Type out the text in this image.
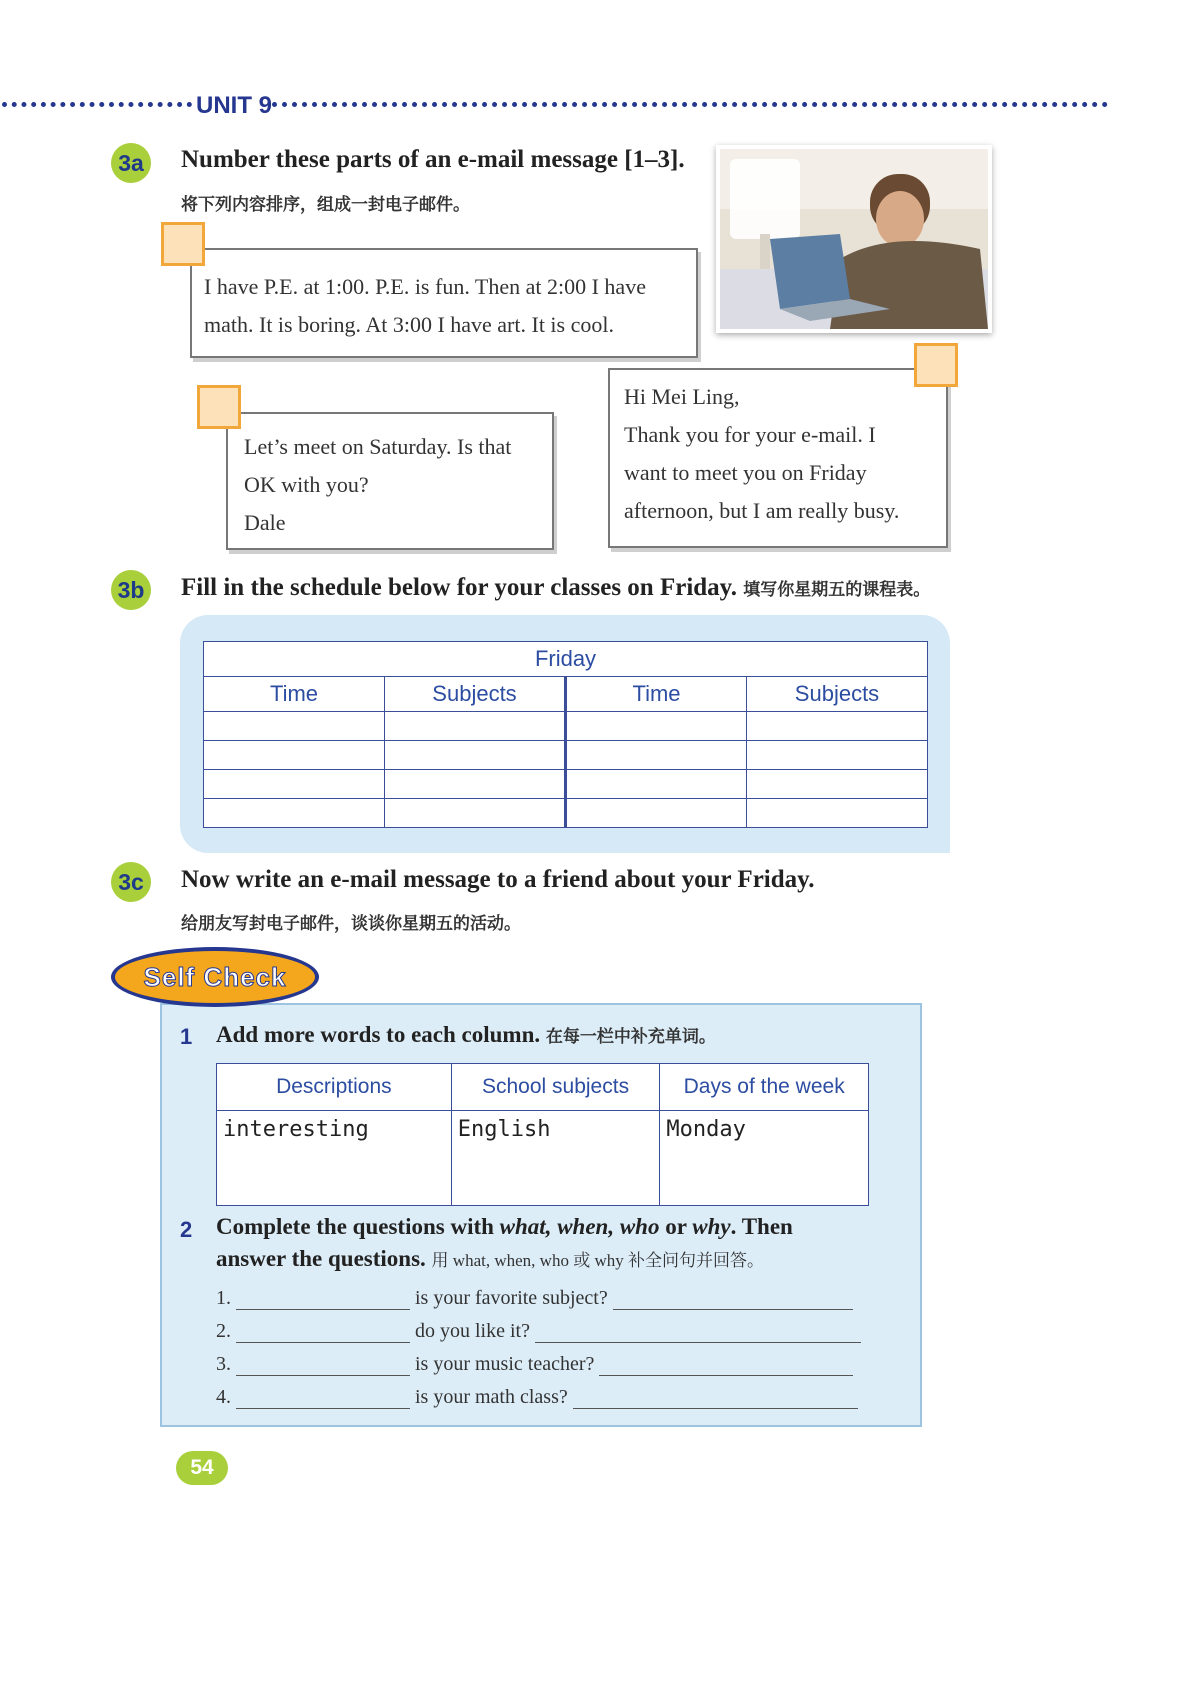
UNIT 9
3a Number these parts of an e-mail message [1–3].
将下列内容排序，组成一封电子邮件。
I have P.E. at 1:00. P.E. is fun. Then at 2:00 I have
math. It is boring. At 3:00 I have art. It is cool.
Let’s meet on Saturday. Is that
OK with you?
Dale
Hi Mei Ling,
Thank you for your e-mail. I
want to meet you on Friday
afternoon, but I am really busy.
3b Fill in the schedule below for your classes on Friday. 填写你星期五的课程表。
Friday			
Time	Subjects	Time	Subjects

3c Now write an e-mail message to a friend about your Friday.
给朋友写封电子邮件，谈谈你星期五的活动。
Self Check
1 Add more words to each column. 在每一栏中补充单词。
Descriptions	School subjects	Days of the week
interesting	English	Monday
2 Complete the questions with what, when, who or why. Then
answer the questions. 用 what, when, who 或 why 补全问句并回答。
1.	is your favorite subject?
2.	do you like it?
3.	is your music teacher?
4.	is your math class?
54
